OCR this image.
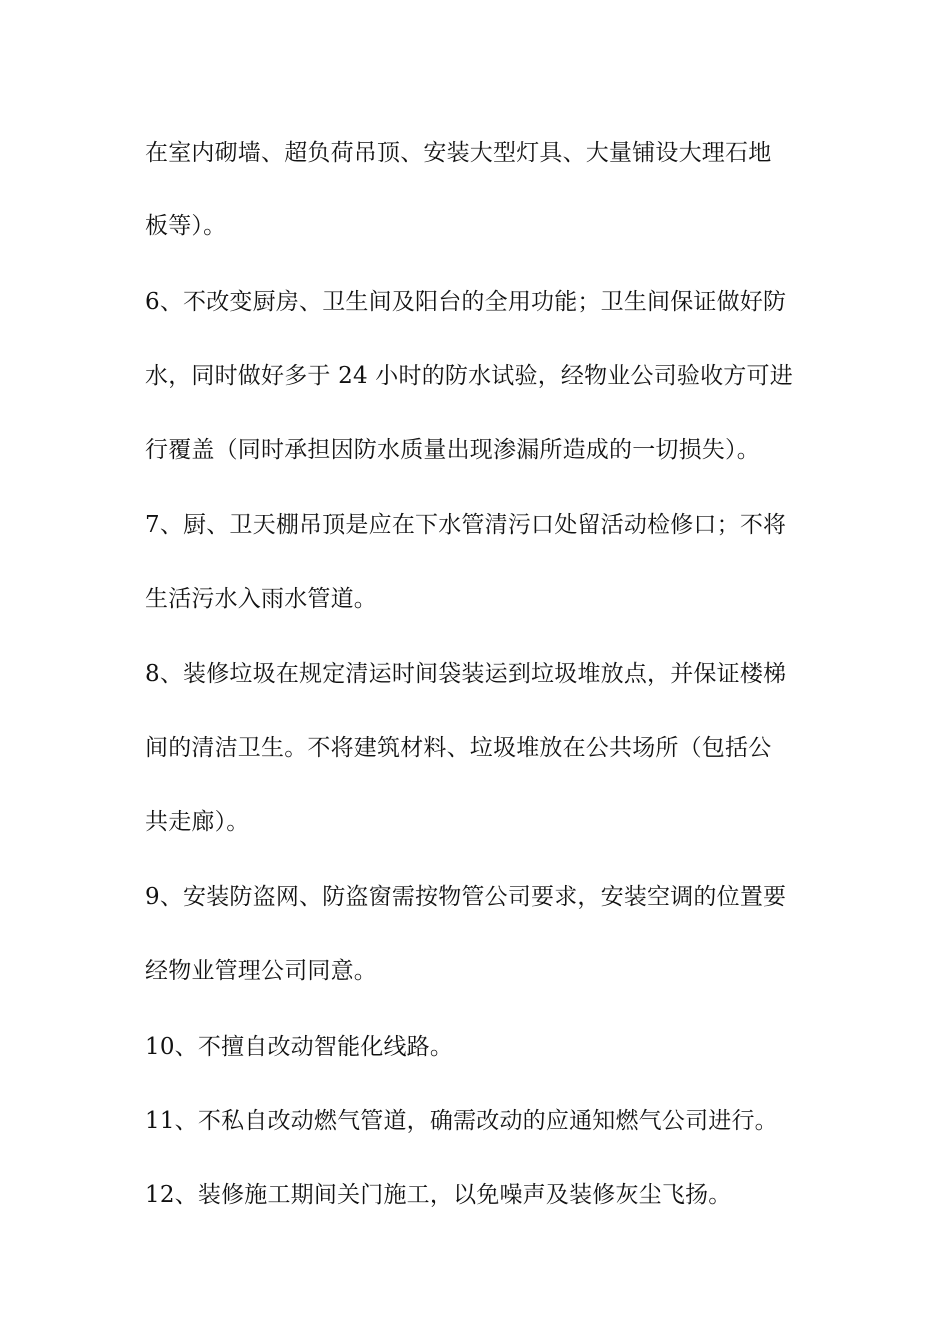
在室内砌墙、超负荷吊顶、安装大型灯具、大量铺设大理石地
板等）。
6、不改变厨房、卫生间及阳台的全用功能；卫生间保证做好防
水，同时做好多于 24 小时的防水试验，经物业公司验收方可进
行覆盖（同时承担因防水质量出现渗漏所造成的一切损失）。
7、厨、卫天棚吊顶是应在下水管清污口处留活动检修口；不将
生活污水入雨水管道。
8、装修垃圾在规定清运时间袋装运到垃圾堆放点，并保证楼梯
间的清洁卫生。不将建筑材料、垃圾堆放在公共场所（包括公
共走廊）。
9、安装防盗网、防盗窗需按物管公司要求，安装空调的位置要
经物业管理公司同意。
10、不擅自改动智能化线路。
11、不私自改动燃气管道，确需改动的应通知燃气公司进行。
12、装修施工期间关门施工，以免噪声及装修灰尘飞扬。
